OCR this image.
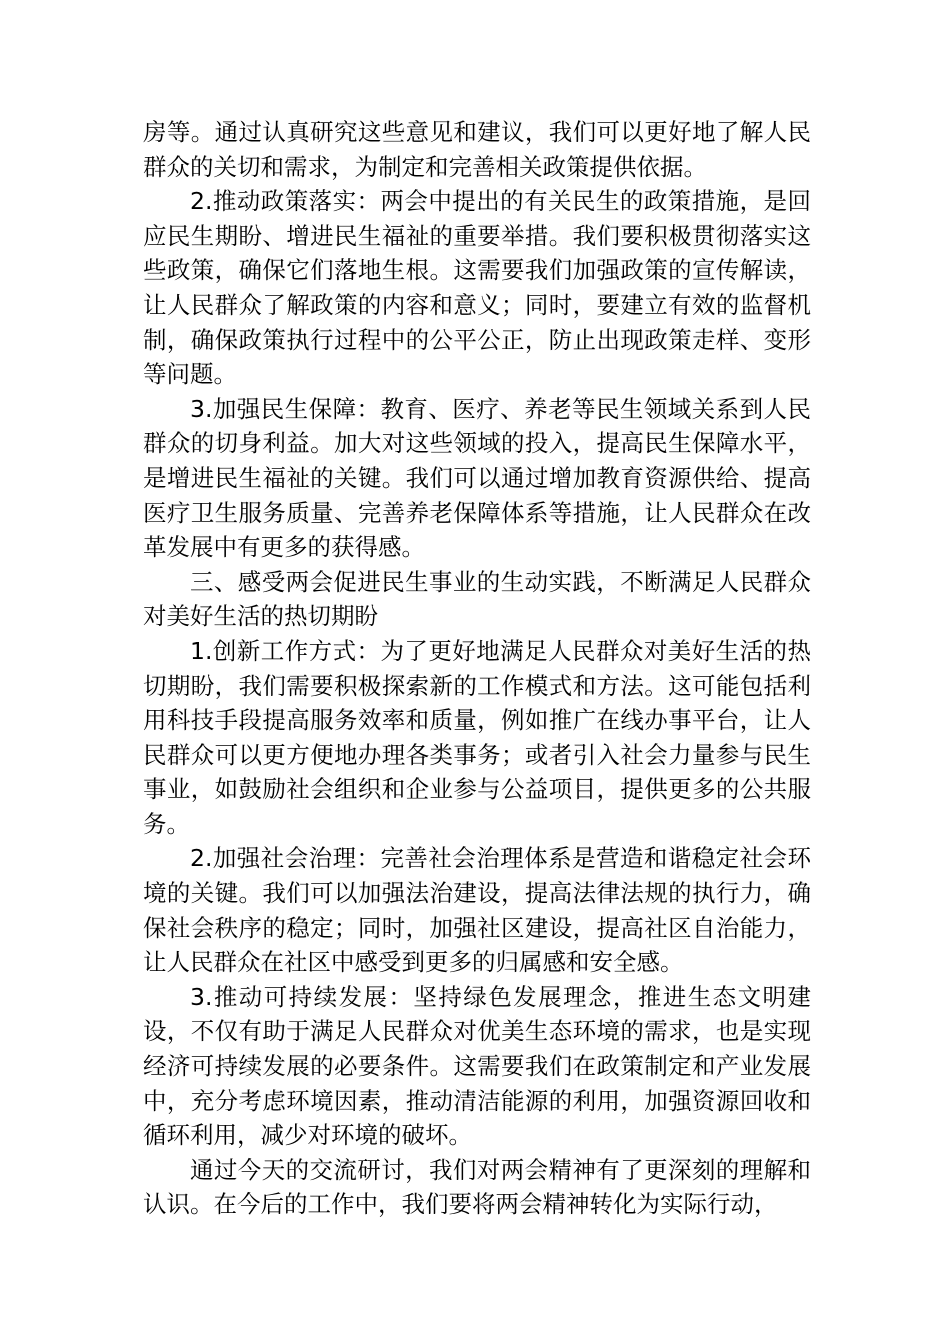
房等。通过认真研究这些意见和建议，我们可以更好地了解人民群众的关切和需求，为制定和完善相关政策提供依据。

2.推动政策落实：两会中提出的有关民生的政策措施，是回应民生期盼、增进民生福祉的重要举措。我们要积极贯彻落实这些政策，确保它们落地生根。这需要我们加强政策的宣传解读，让人民群众了解政策的内容和意义；同时，要建立有效的监督机制，确保政策执行过程中的公平公正，防止出现政策走样、变形等问题。

3.加强民生保障：教育、医疗、养老等民生领域关系到人民群众的切身利益。加大对这些领域的投入，提高民生保障水平，是增进民生福祉的关键。我们可以通过增加教育资源供给、提高医疗卫生服务质量、完善养老保障体系等措施，让人民群众在改革发展中有更多的获得感。

三、感受两会促进民生事业的生动实践，不断满足人民群众对美好生活的热切期盼

1.创新工作方式：为了更好地满足人民群众对美好生活的热切期盼，我们需要积极探索新的工作模式和方法。这可能包括利用科技手段提高服务效率和质量，例如推广在线办事平台，让人民群众可以更方便地办理各类事务；或者引入社会力量参与民生事业，如鼓励社会组织和企业参与公益项目，提供更多的公共服务。

2.加强社会治理：完善社会治理体系是营造和谐稳定社会环境的关键。我们可以加强法治建设，提高法律法规的执行力，确保社会秩序的稳定；同时，加强社区建设，提高社区自治能力，让人民群众在社区中感受到更多的归属感和安全感。

3.推动可持续发展：坚持绿色发展理念，推进生态文明建设，不仅有助于满足人民群众对优美生态环境的需求，也是实现经济可持续发展的必要条件。这需要我们在政策制定和产业发展中，充分考虑环境因素，推动清洁能源的利用，加强资源回收和循环利用，减少对环境的破坏。

通过今天的交流研讨，我们对两会精神有了更深刻的理解和认识。在今后的工作中，我们要将两会精神转化为实际行动，
